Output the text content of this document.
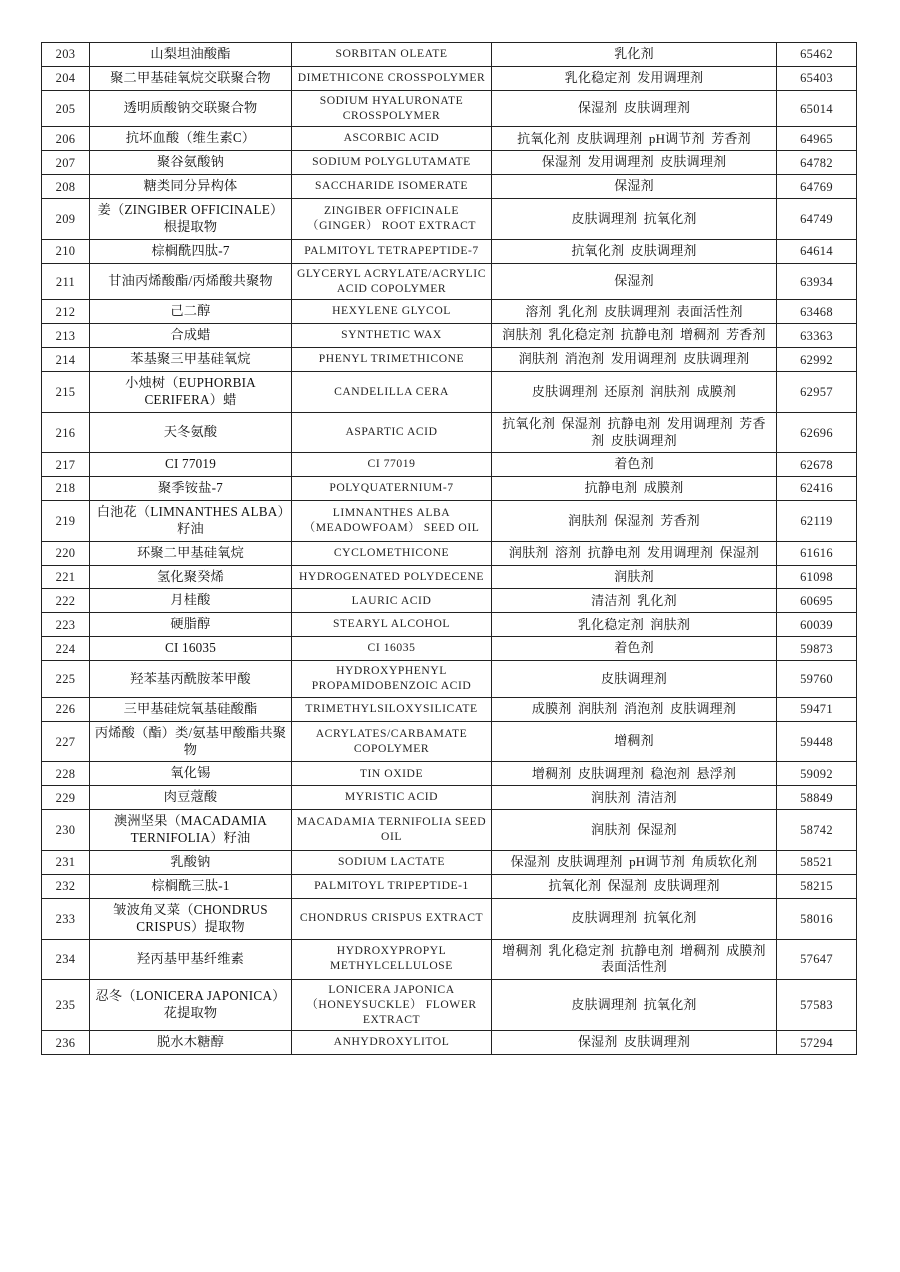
203	山梨坦油酸酯	SORBITAN OLEATE	乳化剂	65462
204	聚二甲基硅氧烷交联聚合物	DIMETHICONE CROSSPOLYMER	乳化稳定剂 发用调理剂	65403
205	透明质酸钠交联聚合物	SODIUM HYALURONATE CROSSPOLYMER	保湿剂 皮肤调理剂	65014
206	抗坏血酸（维生素C）	ASCORBIC ACID	抗氧化剂 皮肤调理剂 pH调节剂 芳香剂	64965
207	聚谷氨酸钠	SODIUM POLYGLUTAMATE	保湿剂 发用调理剂 皮肤调理剂	64782
208	糖类同分异构体	SACCHARIDE ISOMERATE	保湿剂	64769
209	姜（ZINGIBER OFFICINALE）根提取物	ZINGIBER OFFICINALE （GINGER） ROOT EXTRACT	皮肤调理剂 抗氧化剂	64749
210	棕榈酰四肽-7	PALMITOYL TETRAPEPTIDE-7	抗氧化剂 皮肤调理剂	64614
211	甘油丙烯酸酯/丙烯酸共聚物	GLYCERYL ACRYLATE/ACRYLIC ACID COPOLYMER	保湿剂	63934
212	己二醇	HEXYLENE GLYCOL	溶剂 乳化剂 皮肤调理剂 表面活性剂	63468
213	合成蜡	SYNTHETIC WAX	润肤剂 乳化稳定剂 抗静电剂 增稠剂 芳香剂	63363
214	苯基聚三甲基硅氧烷	PHENYL TRIMETHICONE	润肤剂 消泡剂 发用调理剂 皮肤调理剂	62992
215	小烛树（EUPHORBIA CERIFERA）蜡	CANDELILLA CERA	皮肤调理剂 还原剂 润肤剂 成膜剂	62957
216	天冬氨酸	ASPARTIC ACID	抗氧化剂 保湿剂 抗静电剂 发用调理剂 芳香剂 皮肤调理剂	62696
217	CI 77019	CI 77019	着色剂	62678
218	聚季铵盐-7	POLYQUATERNIUM-7	抗静电剂 成膜剂	62416
219	白池花（LIMNANTHES ALBA）籽油	LIMNANTHES ALBA （MEADOWFOAM） SEED OIL	润肤剂 保湿剂 芳香剂	62119
220	环聚二甲基硅氧烷	CYCLOMETHICONE	润肤剂 溶剂 抗静电剂 发用调理剂 保湿剂	61616
221	氢化聚癸烯	HYDROGENATED POLYDECENE	润肤剂	61098
222	月桂酸	LAURIC ACID	清洁剂 乳化剂	60695
223	硬脂醇	STEARYL ALCOHOL	乳化稳定剂 润肤剂	60039
224	CI 16035	CI 16035	着色剂	59873
225	羟苯基丙酰胺苯甲酸	HYDROXYPHENYL PROPAMIDOBENZOIC ACID	皮肤调理剂	59760
226	三甲基硅烷氧基硅酸酯	TRIMETHYLSILOXYSILICATE	成膜剂 润肤剂 消泡剂 皮肤调理剂	59471
227	丙烯酸（酯）类/氨基甲酸酯共聚物	ACRYLATES/CARBAMATE COPOLYMER	增稠剂	59448
228	氧化锡	TIN OXIDE	增稠剂 皮肤调理剂 稳泡剂 悬浮剂	59092
229	肉豆蔻酸	MYRISTIC ACID	润肤剂 清洁剂	58849
230	澳洲坚果（MACADAMIA TERNIFOLIA）籽油	MACADAMIA TERNIFOLIA SEED OIL	润肤剂 保湿剂	58742
231	乳酸钠	SODIUM LACTATE	保湿剂 皮肤调理剂 pH调节剂 角质软化剂	58521
232	棕榈酰三肽-1	PALMITOYL TRIPEPTIDE-1	抗氧化剂 保湿剂 皮肤调理剂	58215
233	皱波角叉菜（CHONDRUS CRISPUS）提取物	CHONDRUS CRISPUS EXTRACT	皮肤调理剂 抗氧化剂	58016
234	羟丙基甲基纤维素	HYDROXYPROPYL METHYLCELLULOSE	增稠剂 乳化稳定剂 抗静电剂 增稠剂 成膜剂 表面活性剂	57647
235	忍冬（LONICERA JAPONICA）花提取物	LONICERA JAPONICA （HONEYSUCKLE） FLOWER EXTRACT	皮肤调理剂 抗氧化剂	57583
236	脱水木糖醇	ANHYDROXYLITOL	保湿剂 皮肤调理剂	57294
